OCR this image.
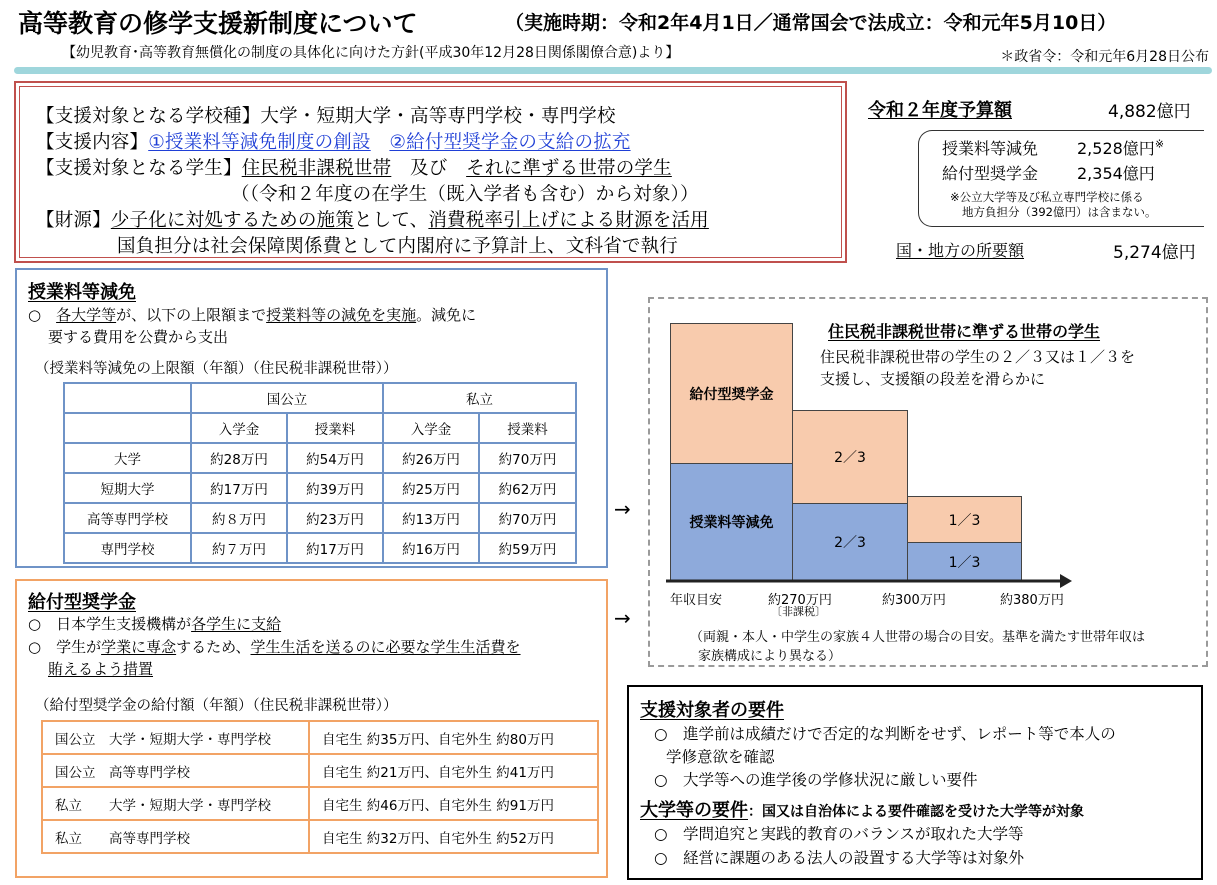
高等教育の修学支援新制度について	（実施時期：令和2年4月1日／通常国会で法成立：令和元年5月10日）
【幼児教育･高等教育無償化の制度の具体化に向けた方針(平成30年12月28日関係閣僚合意)より】	＊政省令：令和元年6月28日公布
【支援対象となる学校種】大学・短期大学・高等専門学校・専門学校
【支援内容】①授業料等減免制度の創設　 ②給付型奨学金の支給の拡充
【支援対象となる学生】住民税非課税世帯　 及び　 それに準ずる世帯の学生
（（令和２年度の在学生（既入学者も含む）から対象））
【財源】少子化に対処するための施策として、消費税率引上げによる財源を活用
国負担分は社会保障関係費として内閣府に予算計上、文科省で執行
令和２年度予算額	4,882億円
授業料等減免 2,528億円※
給付型奨学金 2,354億円
※公立大学等及び私立専門学校に係る
地方負担分（392億円）は含まない。
国・地方の所要額	5,274億円
授業料等減免
○　各大学等が、以下の上限額まで授業料等の減免を実施。減免に
要する費用を公費から支出
（授業料等減免の上限額（年額）（住民税非課税世帯））
	国公立		私立	
	入学金	授業料	入学金	授業料
大学	約28万円	約54万円	約26万円	約70万円
短期大学	約17万円	約39万円	約25万円	約62万円
高等専門学校	約８万円	約23万円	約13万円	約70万円
専門学校	約７万円	約17万円	約16万円	約59万円
給付型奨学金
○　日本学生支援機構が各学生に支給
○　学生が学業に専念するため、学生生活を送るのに必要な学生生活費を
賄えるよう措置
（給付型奨学金の給付額（年額）（住民税非課税世帯））
国公立　大学・短期大学・専門学校	自宅生 約35万円、自宅外生 約80万円
国公立　高等専門学校	自宅生 約21万円、自宅外生 約41万円
私立　　大学・短期大学・専門学校	自宅生 約46万円、自宅外生 約91万円
私立　　高等専門学校	自宅生 約32万円、自宅外生 約52万円
→
→
住民税非課税世帯に準ずる世帯の学生
住民税非課税世帯の学生の２／３又は１／３を
支援し、支援額の段差を滑らかに
給付型奨学金
授業料等減免
2／3
2／3
1／3
1／3
年収目安	約270万円
〔非課税〕
約300万円	約380万円
（両親・本人・中学生の家族４人世帯の場合の目安。基準を満たす世帯年収は
家族構成により異なる）
支援対象者の要件
○　進学前は成績だけで否定的な判断をせず、レポート等で本人の
学修意欲を確認
○　大学等への進学後の学修状況に厳しい要件
大学等の要件：国又は自治体による要件確認を受けた大学等が対象
○　学問追究と実践的教育のバランスが取れた大学等
○　経営に課題のある法人の設置する大学等は対象外
